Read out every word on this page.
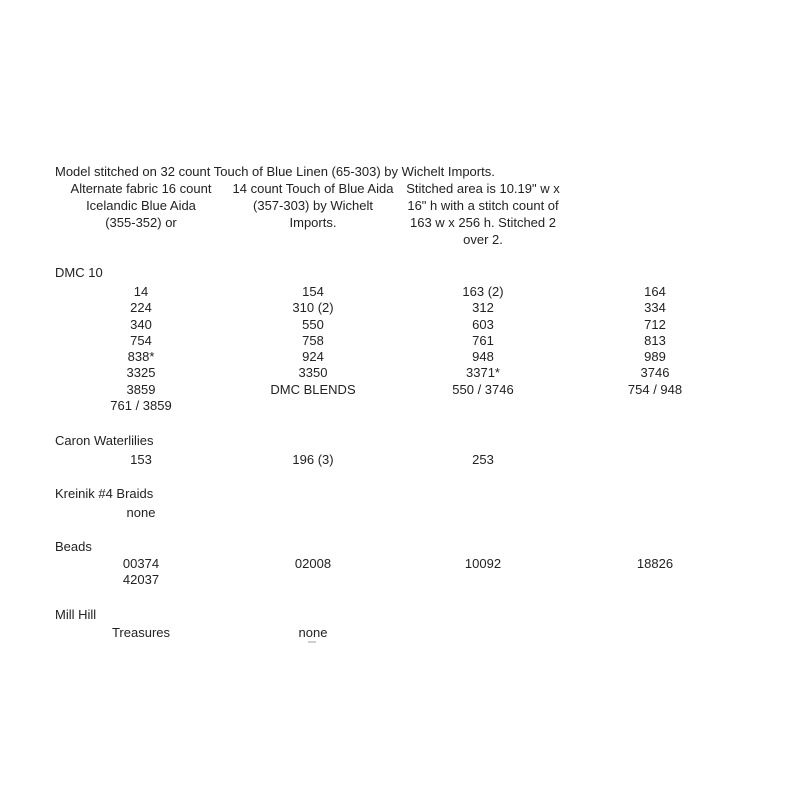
Model stitched on 32 count Touch of Blue Linen (65-303) by Wichelt Imports.
Alternate fabric 16 count
Icelandic Blue Aida
(355-352) or
14 count Touch of Blue Aida
(357-303) by Wichelt
Imports.
Stitched area is 10.19" w x
16" h with a stitch count of
163 w x 256 h. Stitched 2
over 2.
DMC 10
14	154	163 (2)	164
224	310 (2)	312	334
340	550	603	712
754	758	761	813
838*	924	948	989
3325	3350	3371*	3746
3859	DMC BLENDS	550 / 3746	754 / 948
761 / 3859
Caron Waterlilies
153	196 (3)	253
Kreinik #4 Braids
none
Beads
00374	02008	10092	18826
42037
Mill Hill
Treasures	none
